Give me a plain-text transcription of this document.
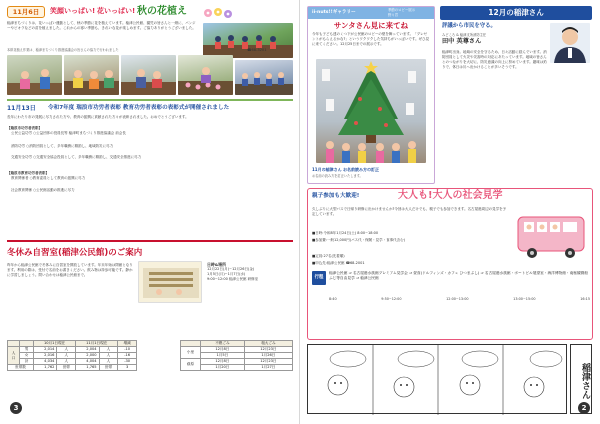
11月6日	笑顔いっぱい! 花いっぱい! 秋の花植え
稲津まちづくりは、花いっぱい運動として、秋の季節に花を植えています。稲津公民館、園児の皆さんと一緒に、パンジーやビオラなどの苗を植えました。これからの寒い季節も、きれいな花が楽しめます。ご協力ありがとうございました。
本紙花植え作業は、稲津まちづくり推進協議会の皆さんの協力で行われました	☎68-3201
11月13日	令和7年度 瑞浪市功労者表彰 教育功労者表彰の表彰式が開催されました
長年にわたり市の発展に尽力された方や、教育の振興に貢献された方々が表彰されました。おめでとうございます。
【瑞浪市功労者表彰】
公民公益功労 ○公益団体の役員長等 稲津町まちづくり推進協議会 前会長
消防功労 ○消防団員として、多年職務に精励し、地域防災に尽力
交通安全功労 ○交通安全協会役員として、多年職務に精励し、交通安全推進に尽力
【瑞浪市教育功労者表彰】
教育関係者 ○教育委員として教育の振興に尽力
社会教育関係 ○公民館活動の推進に尽力
冬休み自習室(稲津公民館)のご案内
昨年から稲津公民館で冬休みに自習室を開放しています。年末年始は閉館となります。利用の際は、受付で名前をお書きください。飲み物は持参可能です。静かに学習しましょう。問い合わせは稲津公民館まで。
日時&場所
12月22日(月)~12月26日(金)
1月5日(月)~1月7日(水)
9:00~12:00 稲津公民館 研修室
		10月1日現在		11月1日現在		増減
人口	男	2,014	人	2,004	人	-10
	女	2,016	人	2,000	人	-16
	計	4,034	人	4,004	人	-30
世帯数		1,762	世帯	1,765	世帯	3
3
	不燃ごみ	粗大ごみ
小里	12月8日	12月23日
	1月5日	1月26日
萩原	12月8日	12月23日
	1月20日	1月27日
ii-nuts!!ギャラリー	季節のロビー展示
野々宮
サンタさん見に来てね
今年も子ども達のくつ下が公民館のロビーの壁を飾っています。「プレゼントがもらえるかな?」というワクワクした気持ちがいっぱいです。ぜひ見に来てください。12月25日までの展示です。
11月の稲津さん お名前読み方の訂正
お名前の読み方を訂正いたします。
12月の稲津さん
評議から市民を守る。
みどころ & 稲津支所消防主任
田中 英尊さん
稲津町出身。地域の安全を守るため、日々活動に励んでいます。消防団員として火災や災害時の対応にあたっています。地域の皆さんとのつながりを大切に、防災意識の向上に努めています。趣味は釣りで、休日は川へ出かけることが多いそうです。
親子参加も大歓迎!	大人も!大人の社会見学
久しぶりに大型バスで日帰り研修に出かけませんか?今回は大人だけでも、親子でも参加できます。名古屋港周辺の見学を予定しています。
■日時:令和8年1月24日(土) 8:00~18:00
■参加費:一般12,000円(バス代・保険・見学・食事代含む)
■定員:27名(先着順)
■申込先:稲津公民館 ☎68-2001
行程
稲津公民館 ⇒ 名古屋港水族館プレミアム見学会 ⇒ 昼食(ドルフィンズ・カフェ ひつまぶし) ⇒ 名古屋港水族館・ポートビル展望室・海洋博物館・南極観測船ふじ等自由見学 ⇒ 稲津公民館
8:40	9:50~12:00	12:00~13:00	13:00~15:00	16:15
稲津さん
2
